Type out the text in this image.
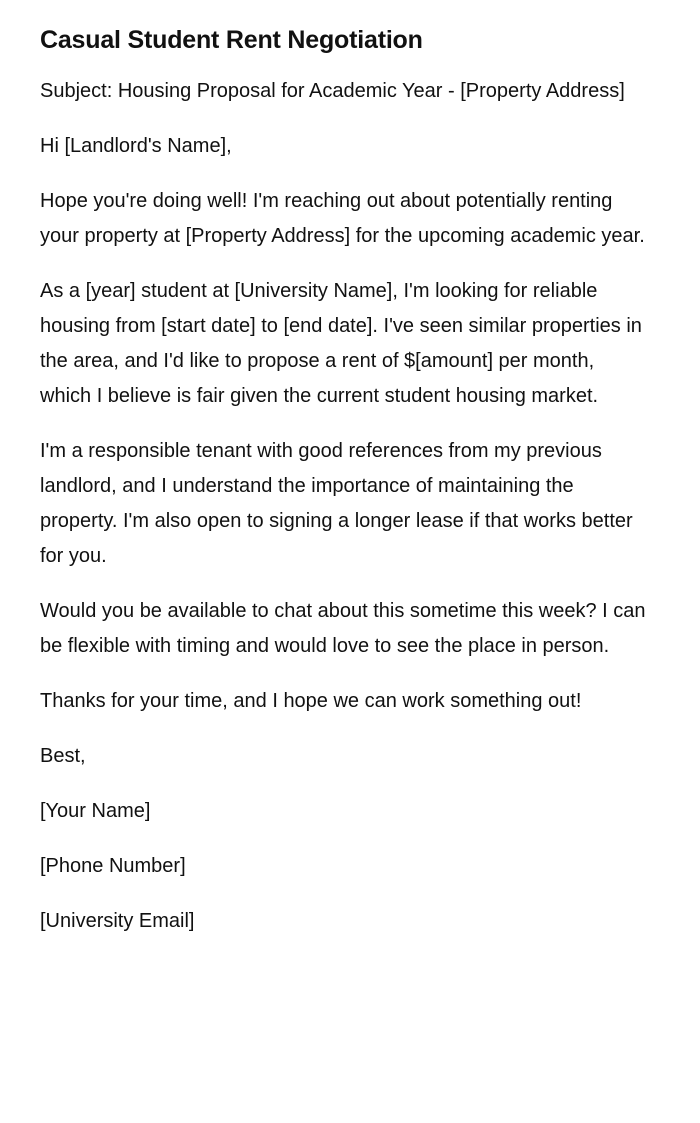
Casual Student Rent Negotiation

Subject: Housing Proposal for Academic Year - [Property Address]

Hi [Landlord's Name],

Hope you're doing well! I'm reaching out about potentially renting your property at [Property Address] for the upcoming academic year.

As a [year] student at [University Name], I'm looking for reliable housing from [start date] to [end date]. I've seen similar properties in the area, and I'd like to propose a rent of $[amount] per month, which I believe is fair given the current student housing market.

I'm a responsible tenant with good references from my previous landlord, and I understand the importance of maintaining the property. I'm also open to signing a longer lease if that works better for you.

Would you be available to chat about this sometime this week? I can be flexible with timing and would love to see the place in person.

Thanks for your time, and I hope we can work something out!

Best,

[Your Name]

[Phone Number]

[University Email]
